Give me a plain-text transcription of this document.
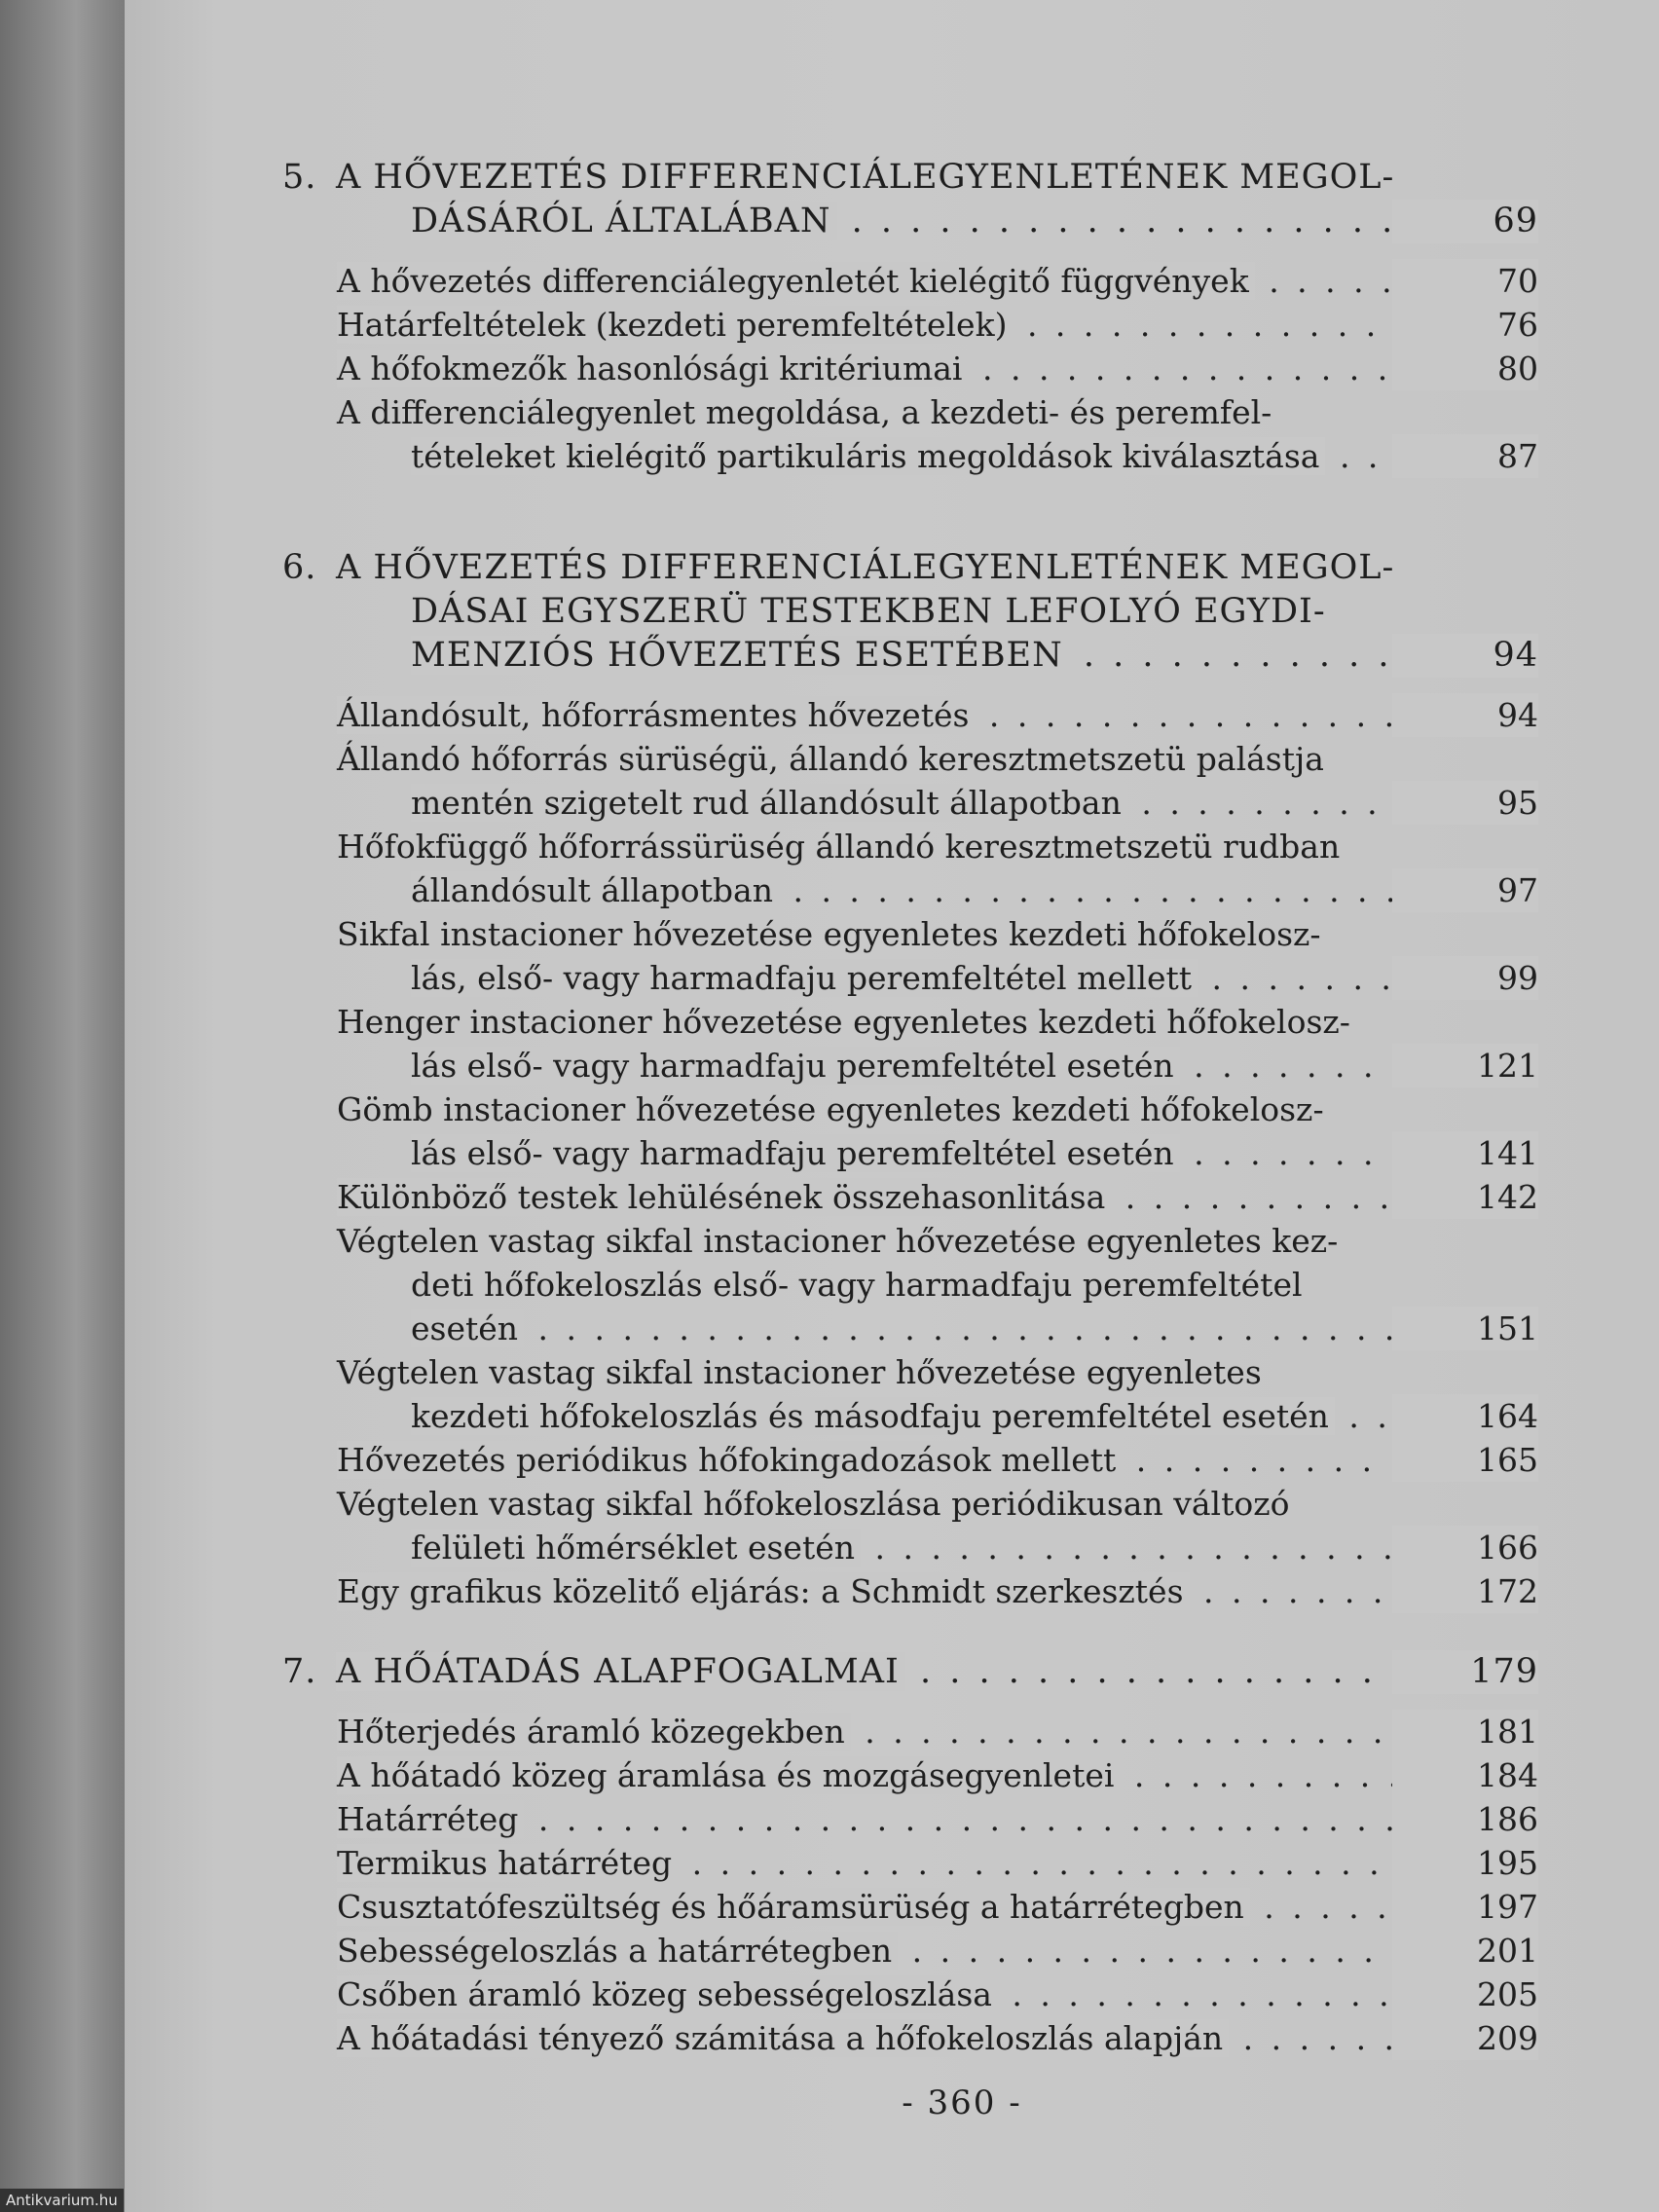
5. A HŐVEZETÉS DIFFERENCIÁLEGYENLETÉNEK MEGOL-
DÁSÁRÓL ÁLTALÁBAN	69
. . .
A hővezetés differenciálegyenletét kielégitő függvények	70
. . .
Határfeltételek (kezdeti peremfeltételek)	76
. . .
A hőfokmezők hasonlósági kritériumai	80
. . .
A differenciálegyenlet megoldása, a kezdeti- és peremfel-
tételeket kielégitő partikuláris megoldások kiválasztása	87
. . .
6. A HŐVEZETÉS DIFFERENCIÁLEGYENLETÉNEK MEGOL-
DÁSAI EGYSZERÜ TESTEKBEN LEFOLYÓ EGYDI-
MENZIÓS HŐVEZETÉS ESETÉBEN	94
. . .
Állandósult, hőforrásmentes hővezetés	94
. . .
Állandó hőforrás sürüségü, állandó keresztmetszetü palástja
mentén szigetelt rud állandósult állapotban	95
. . .
Hőfokfüggő hőforrássürüség állandó keresztmetszetü rudban
állandósult állapotban	97
. . .
Sikfal instacioner hővezetése egyenletes kezdeti hőfokelosz-
lás, első- vagy harmadfaju peremfeltétel mellett	99
. . .
Henger instacioner hővezetése egyenletes kezdeti hőfokelosz-
lás első- vagy harmadfaju peremfeltétel esetén	121
. . .
Gömb instacioner hővezetése egyenletes kezdeti hőfokelosz-
lás első- vagy harmadfaju peremfeltétel esetén	141
. . .
Különböző testek lehülésének összehasonlitása	142
. . .
Végtelen vastag sikfal instacioner hővezetése egyenletes kez-
deti hőfokeloszlás első- vagy harmadfaju peremfeltétel
esetén	151
. . .
Végtelen vastag sikfal instacioner hővezetése egyenletes
kezdeti hőfokeloszlás és másodfaju peremfeltétel esetén	164
. . .
Hővezetés periódikus hőfokingadozások mellett	165
. . .
Végtelen vastag sikfal hőfokeloszlása periódikusan változó
felületi hőmérséklet esetén	166
. . .
Egy grafikus közelitő eljárás: a Schmidt szerkesztés	172
. . .
7. A HŐÁTADÁS ALAPFOGALMAI	179
. . .
Hőterjedés áramló közegekben	181
. . .
A hőátadó közeg áramlása és mozgásegyenletei	184
. . .
Határréteg	186
. . .
Termikus határréteg	195
. . .
Csusztatófeszültség és hőáramsürüség a határrétegben	197
. . .
Sebességeloszlás a határrétegben	201
. . .
Csőben áramló közeg sebességeloszlása	205
. . .
A hőátadási tényező számitása a hőfokeloszlás alapján	209
. . .
- 360 -
Antikvarium.hu
